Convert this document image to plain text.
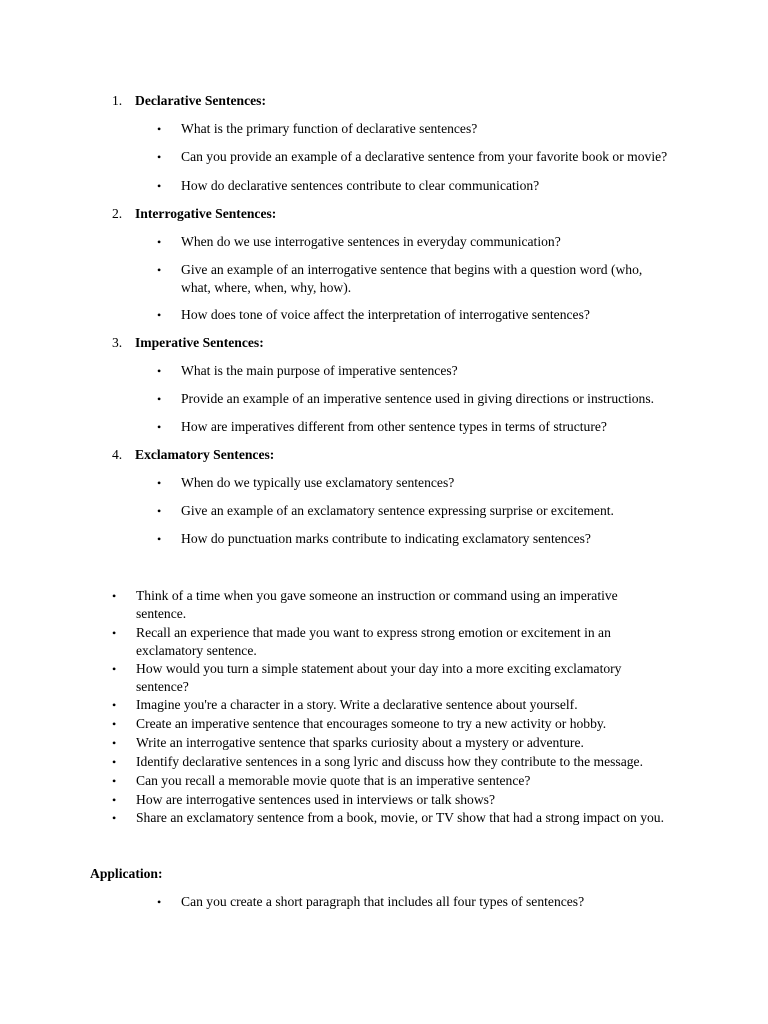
1. Declarative Sentences:
• What is the primary function of declarative sentences?
• Can you provide an example of a declarative sentence from your favorite book or movie?
• How do declarative sentences contribute to clear communication?
2. Interrogative Sentences:
• When do we use interrogative sentences in everyday communication?
• Give an example of an interrogative sentence that begins with a question word (who, what, where, when, why, how).
• How does tone of voice affect the interpretation of interrogative sentences?
3. Imperative Sentences:
• What is the main purpose of imperative sentences?
• Provide an example of an imperative sentence used in giving directions or instructions.
• How are imperatives different from other sentence types in terms of structure?
4. Exclamatory Sentences:
• When do we typically use exclamatory sentences?
• Give an example of an exclamatory sentence expressing surprise or excitement.
• How do punctuation marks contribute to indicating exclamatory sentences?
• Think of a time when you gave someone an instruction or command using an imperative sentence.
• Recall an experience that made you want to express strong emotion or excitement in an exclamatory sentence.
• How would you turn a simple statement about your day into a more exciting exclamatory sentence?
• Imagine you're a character in a story. Write a declarative sentence about yourself.
• Create an imperative sentence that encourages someone to try a new activity or hobby.
• Write an interrogative sentence that sparks curiosity about a mystery or adventure.
• Identify declarative sentences in a song lyric and discuss how they contribute to the message.
• Can you recall a memorable movie quote that is an imperative sentence?
• How are interrogative sentences used in interviews or talk shows?
• Share an exclamatory sentence from a book, movie, or TV show that had a strong impact on you.
Application:
• Can you create a short paragraph that includes all four types of sentences?
